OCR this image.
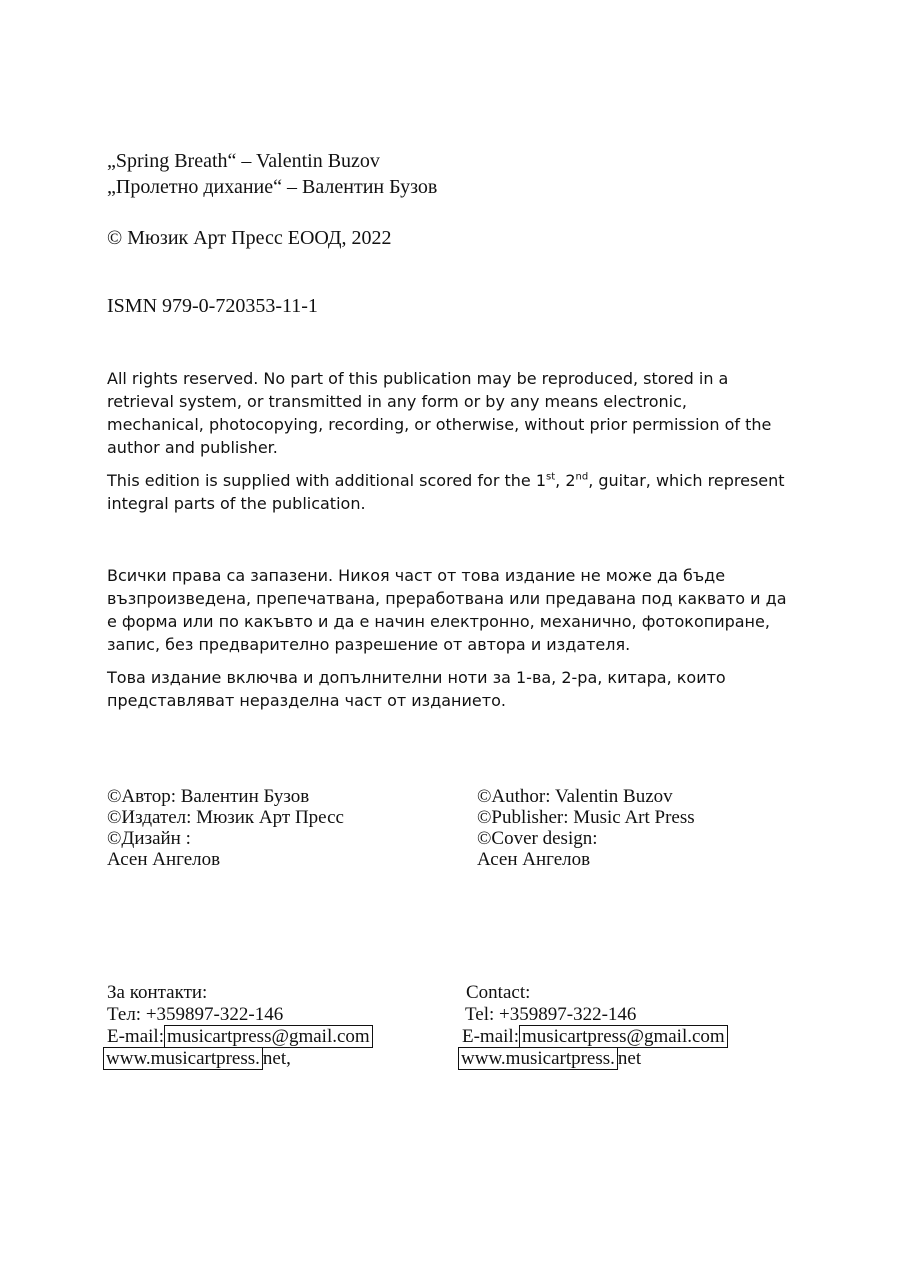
„Spring Breath“ – Valentin Buzov
„Пролетно дихание“ – Валентин Бузов

© Мюзик Арт Пресс ЕООД, 2022

ISMN 979-0-720353-11-1

All rights reserved. No part of this publication may be reproduced, stored in a retrieval system, or transmitted in any form or by any means electronic, mechanical, photocopying, recording, or otherwise, without prior permission of the author and publisher.

This edition is supplied with additional scored for the 1st, 2nd, guitar, which represent integral parts of the publication.

Всички права са запазени. Никоя част от това издание не може да бъде възпроизведена, препечатвана, преработвана или предавана под каквато и да е форма или по какъвто и да е начин електронно, механично, фотокопиране, запис, без предварително разрешение от автора и издателя.

Това издание включва и допълнителни ноти за 1-ва, 2-ра, китара, които представляват неразделна част от изданието.

©Автор: Валентин Бузов
©Издател: Мюзик Арт Пресс
©Дизайн :
Асен Ангелов
©Author: Valentin Buzov
©Publisher: Music Art Press
©Cover design:
Асен Ангелов
За контакти:
Тел: +359897-322-146
E-mail: musicartpress@gmail.com
www.musicartpress. net,
Contact:
Tel: +359897-322-146
E-mail: musicartpress@gmail.com
www.musicartpress. net
